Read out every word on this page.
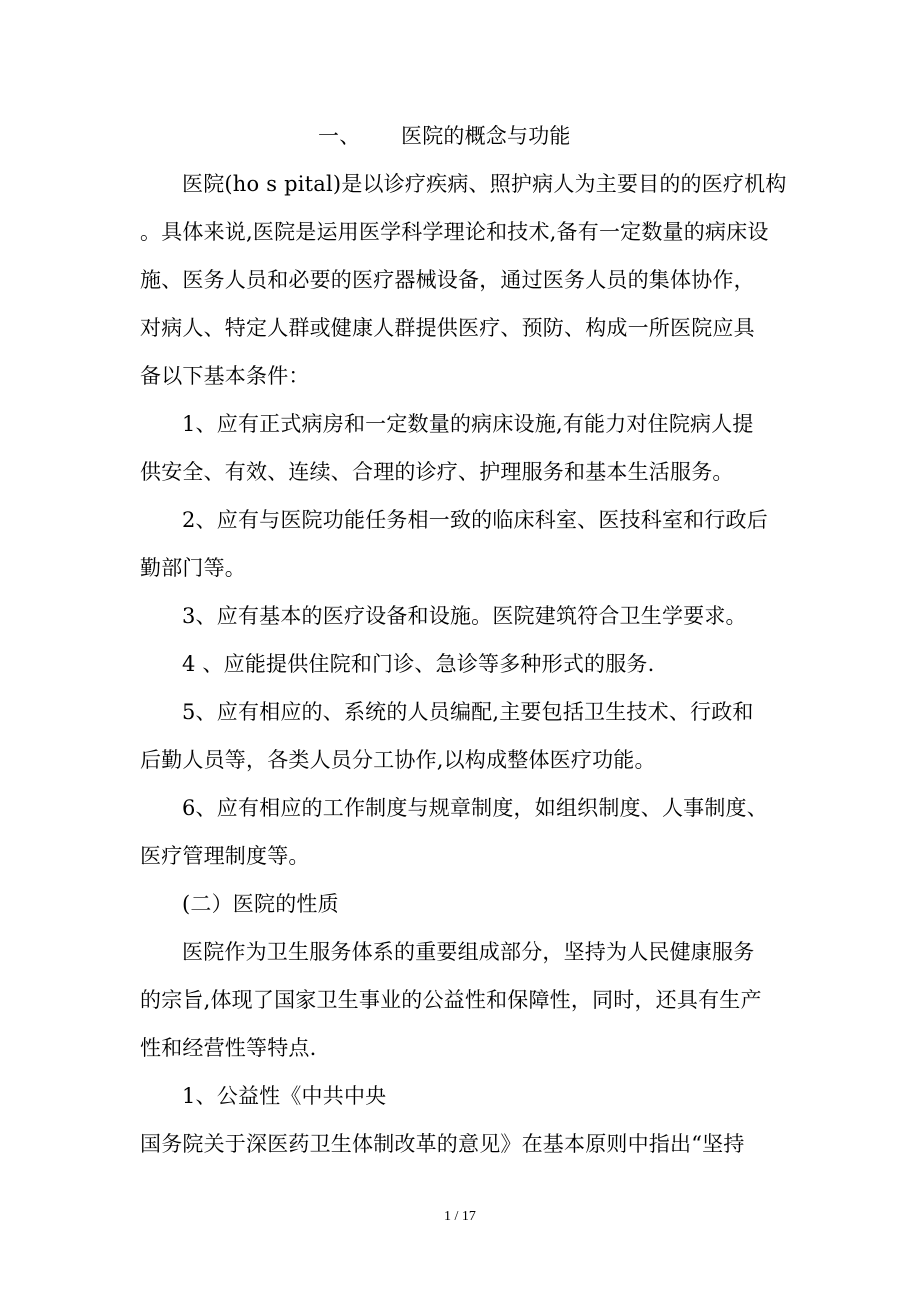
一、 医院的概念与功能
医院(ho s pital)是以诊疗疾病、照护病人为主要目的的医疗机构
。具体来说,医院是运用医学科学理论和技术,备有一定数量的病床设
施、医务人员和必要的医疗器械设备，通过医务人员的集体协作，
对病人、特定人群或健康人群提供医疗、预防、构成一所医院应具
备以下基本条件：
1、应有正式病房和一定数量的病床设施,有能力对住院病人提
供安全、有效、连续、合理的诊疗、护理服务和基本生活服务。
2、应有与医院功能任务相一致的临床科室、医技科室和行政后
勤部门等。
3、应有基本的医疗设备和设施。医院建筑符合卫生学要求。
4 、应能提供住院和门诊、急诊等多种形式的服务.
5、应有相应的、系统的人员编配,主要包括卫生技术、行政和
后勤人员等，各类人员分工协作,以构成整体医疗功能。
6、应有相应的工作制度与规章制度，如组织制度、人事制度、
医疗管理制度等。
(二）医院的性质
医院作为卫生服务体系的重要组成部分，坚持为人民健康服务
的宗旨,体现了国家卫生事业的公益性和保障性，同时，还具有生产
性和经营性等特点.
1、公益性《中共中央
国务院关于深医药卫生体制改革的意见》在基本原则中指出“坚持
1 / 17
